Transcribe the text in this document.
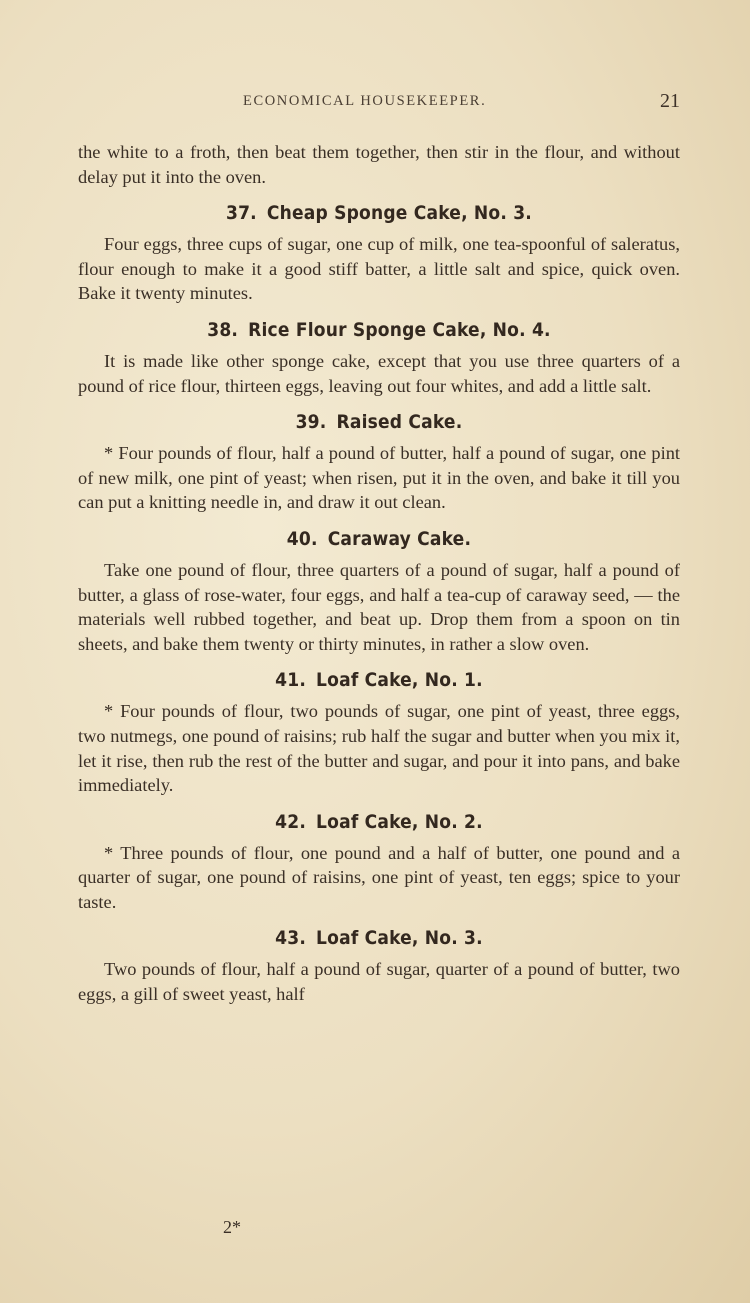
ECONOMICAL HOUSEKEEPER.	21

the white to a froth, then beat them together, then stir in the flour, and without delay put it into the oven.

37. Cheap Sponge Cake, No. 3.

Four eggs, three cups of sugar, one cup of milk, one tea-spoonful of saleratus, flour enough to make it a good stiff batter, a little salt and spice, quick oven. Bake it twenty minutes.

38. Rice Flour Sponge Cake, No. 4.

It is made like other sponge cake, except that you use three quarters of a pound of rice flour, thirteen eggs, leaving out four whites, and add a little salt.

39. Raised Cake.

* Four pounds of flour, half a pound of butter, half a pound of sugar, one pint of new milk, one pint of yeast; when risen, put it in the oven, and bake it till you can put a knitting needle in, and draw it out clean.

40. Caraway Cake.

Take one pound of flour, three quarters of a pound of sugar, half a pound of butter, a glass of rose-water, four eggs, and half a tea-cup of caraway seed, — the materials well rubbed together, and beat up. Drop them from a spoon on tin sheets, and bake them twenty or thirty minutes, in rather a slow oven.

41. Loaf Cake, No. 1.

* Four pounds of flour, two pounds of sugar, one pint of yeast, three eggs, two nutmegs, one pound of raisins; rub half the sugar and butter when you mix it, let it rise, then rub the rest of the butter and sugar, and pour it into pans, and bake immediately.

42. Loaf Cake, No. 2.

* Three pounds of flour, one pound and a half of butter, one pound and a quarter of sugar, one pound of raisins, one pint of yeast, ten eggs; spice to your taste.

43. Loaf Cake, No. 3.

Two pounds of flour, half a pound of sugar, quarter of a pound of butter, two eggs, a gill of sweet yeast, half

2*
